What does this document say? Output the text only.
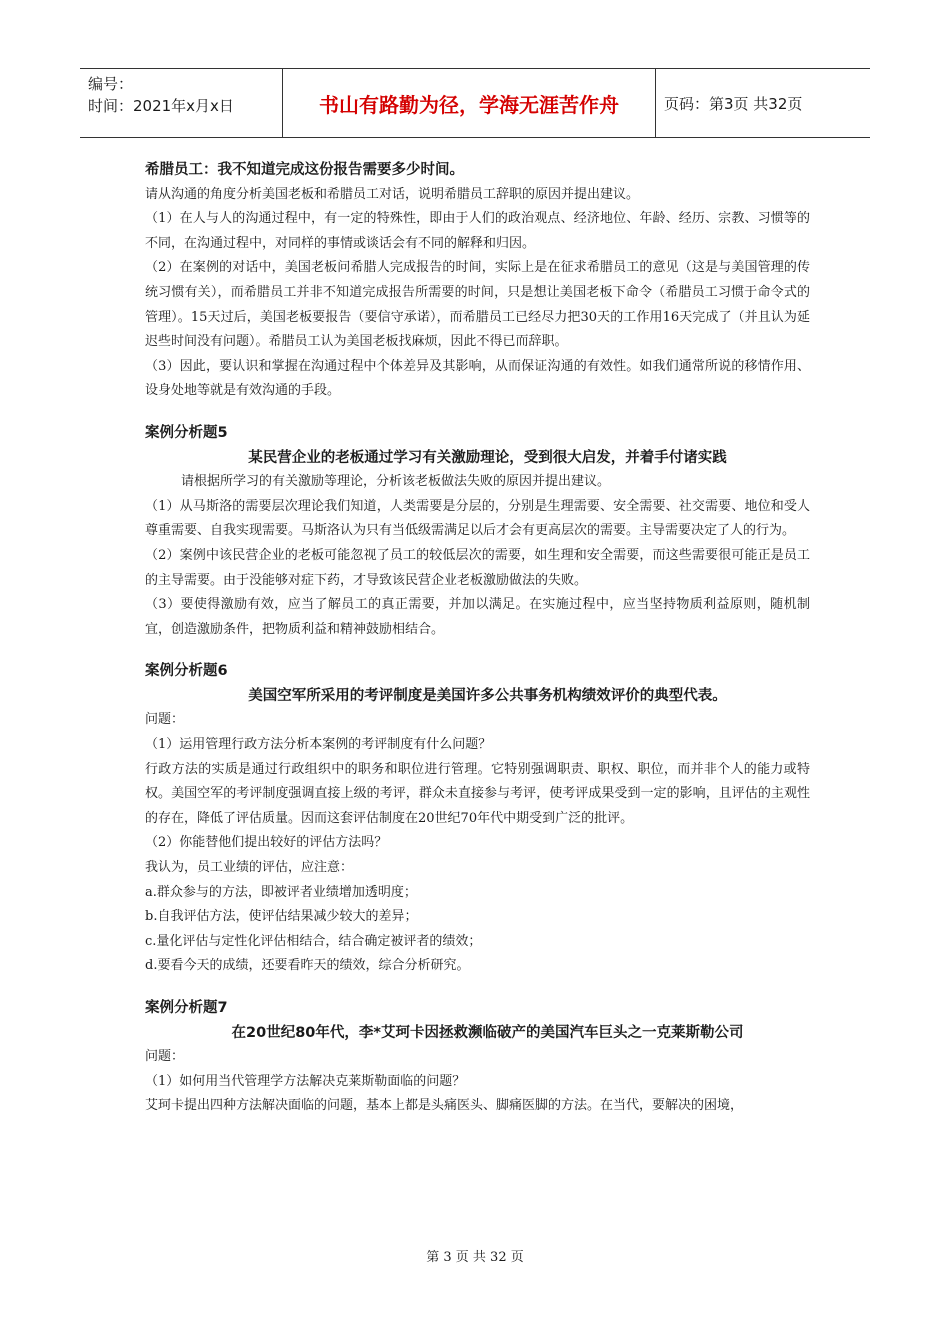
编号：
时间：2021年x月x日	书山有路勤为径，学海无涯苦作舟	页码：第3页 共32页

希腊员工：我不知道完成这份报告需要多少时间。

请从沟通的角度分析美国老板和希腊员工对话，说明希腊员工辞职的原因并提出建议。

（1）在人与人的沟通过程中，有一定的特殊性，即由于人们的政治观点、经济地位、年龄、经历、宗教、习惯等的不同，在沟通过程中，对同样的事情或谈话会有不同的解释和归因。

（2）在案例的对话中，美国老板问希腊人完成报告的时间，实际上是在征求希腊员工的意见（这是与美国管理的传统习惯有关），而希腊员工并非不知道完成报告所需要的时间，只是想让美国老板下命令（希腊员工习惯于命令式的管理）。15天过后，美国老板要报告（要信守承诺），而希腊员工已经尽力把30天的工作用16天完成了（并且认为延迟些时间没有问题）。希腊员工认为美国老板找麻烦，因此不得已而辞职。

（3）因此，要认识和掌握在沟通过程中个体差异及其影响，从而保证沟通的有效性。如我们通常所说的移情作用、设身处地等就是有效沟通的手段。

案例分析题5

某民营企业的老板通过学习有关激励理论，受到很大启发，并着手付诸实践

请根据所学习的有关激励等理论，分析该老板做法失败的原因并提出建议。

（1）从马斯洛的需要层次理论我们知道，人类需要是分层的，分别是生理需要、安全需要、社交需要、地位和受人尊重需要、自我实现需要。马斯洛认为只有当低级需满足以后才会有更高层次的需要。主导需要决定了人的行为。

（2）案例中该民营企业的老板可能忽视了员工的较低层次的需要，如生理和安全需要，而这些需要很可能正是员工的主导需要。由于没能够对症下药，才导致该民营企业老板激励做法的失败。

（3）要使得激励有效，应当了解员工的真正需要，并加以满足。在实施过程中，应当坚持物质利益原则，随机制宜，创造激励条件，把物质利益和精神鼓励相结合。

案例分析题6

美国空军所采用的考评制度是美国许多公共事务机构绩效评价的典型代表。

问题：

（1）运用管理行政方法分析本案例的考评制度有什么问题？

行政方法的实质是通过行政组织中的职务和职位进行管理。它特别强调职责、职权、职位，而并非个人的能力或特权。美国空军的考评制度强调直接上级的考评，群众未直接参与考评，使考评成果受到一定的影响，且评估的主观性的存在，降低了评估质量。因而这套评估制度在20世纪70年代中期受到广泛的批评。

（2）你能替他们提出较好的评估方法吗？

我认为，员工业绩的评估，应注意：

a.群众参与的方法，即被评者业绩增加透明度；

b.自我评估方法，使评估结果减少较大的差异；

c.量化评估与定性化评估相结合，结合确定被评者的绩效；

d.要看今天的成绩，还要看昨天的绩效，综合分析研究。

案例分析题7

在20世纪80年代，李*艾珂卡因拯救濒临破产的美国汽车巨头之一克莱斯勒公司

问题：

（1）如何用当代管理学方法解决克莱斯勒面临的问题？

艾珂卡提出四种方法解决面临的问题，基本上都是头痛医头、脚痛医脚的方法。在当代，要解决的困境，

第 3 页 共 32 页
